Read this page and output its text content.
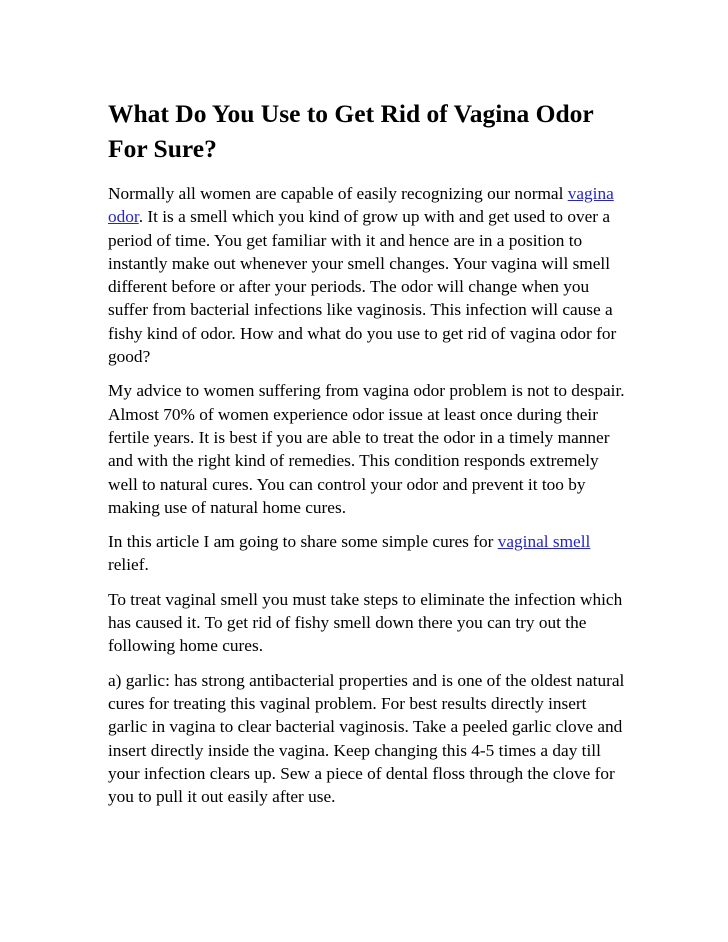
What Do You Use to Get Rid of Vagina Odor For Sure?

Normally all women are capable of easily recognizing our normal vagina odor. It is a smell which you kind of grow up with and get used to over a period of time. You get familiar with it and hence are in a position to instantly make out whenever your smell changes. Your vagina will smell different before or after your periods. The odor will change when you suffer from bacterial infections like vaginosis. This infection will cause a fishy kind of odor. How and what do you use to get rid of vagina odor for good?

My advice to women suffering from vagina odor problem is not to despair. Almost 70% of women experience odor issue at least once during their fertile years. It is best if you are able to treat the odor in a timely manner and with the right kind of remedies. This condition responds extremely well to natural cures. You can control your odor and prevent it too by making use of natural home cures.

In this article I am going to share some simple cures for vaginal smell relief.

To treat vaginal smell you must take steps to eliminate the infection which has caused it. To get rid of fishy smell down there you can try out the following home cures.

a) garlic: has strong antibacterial properties and is one of the oldest natural cures for treating this vaginal problem. For best results directly insert garlic in vagina to clear bacterial vaginosis. Take a peeled garlic clove and insert directly inside the vagina. Keep changing this 4-5 times a day till your infection clears up. Sew a piece of dental floss through the clove for you to pull it out easily after use.
